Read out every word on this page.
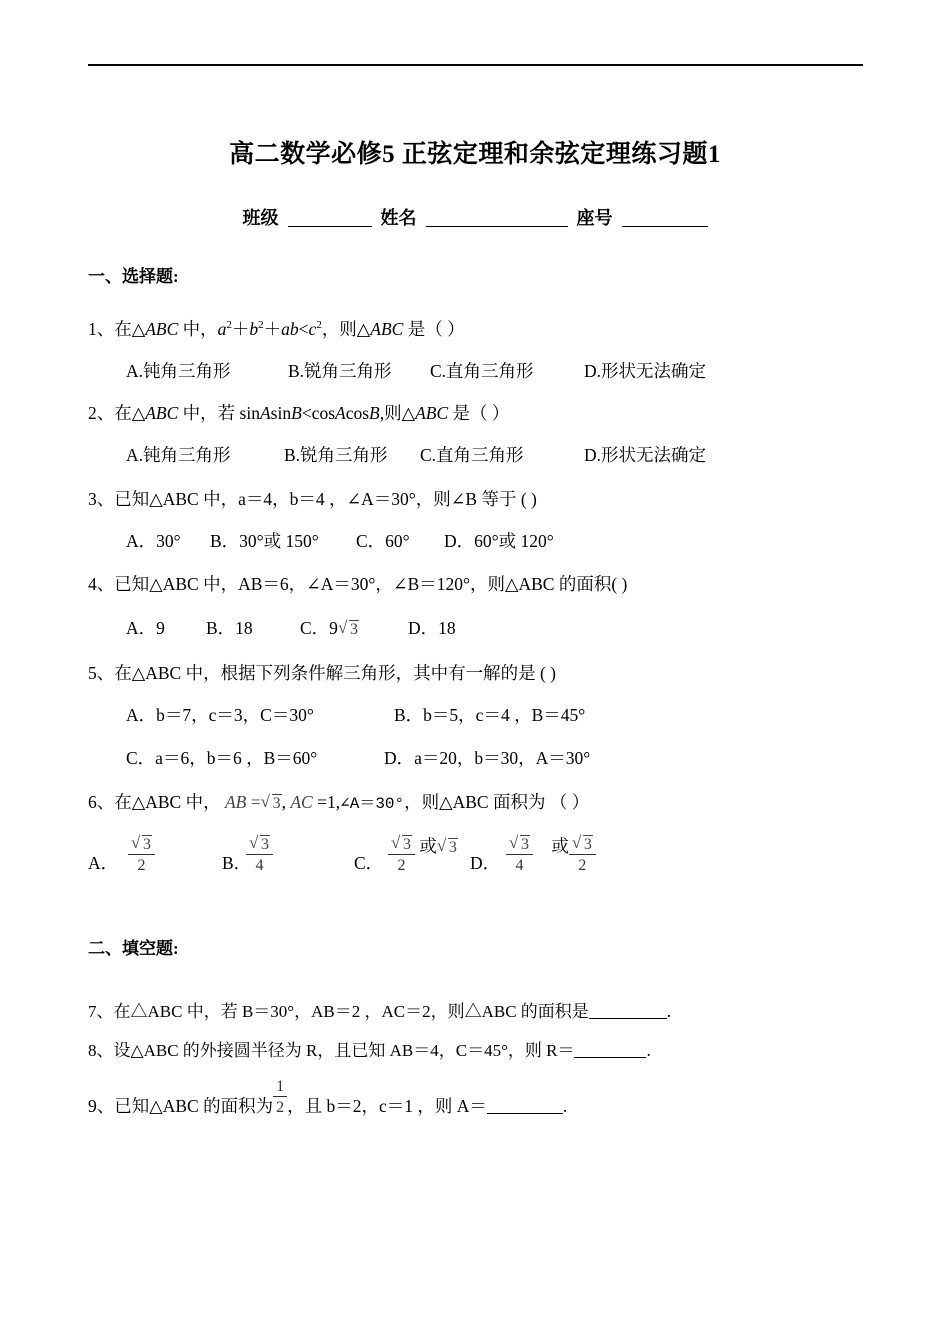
高二数学必修5 正弦定理和余弦定理练习题1
班级	姓名	座号
一、选择题:
1、在△ABC 中，$a^2+b^2+ab<c^2$，则△ABC 是（ ）
A.钝角三角形	B.锐角三角形 C.直角三角形	D.形状无法确定
2、在△ABC 中，若 sinAsinB<cosAcosB,则△ABC 是（ ）
A.钝角三角形	B.锐角三角形 C.直角三角形	D.形状无法确定
3、已知△ABC 中，a＝4，b＝4 ，∠A＝30°，则∠B 等于 ( )
A．30° B．30°或 150° C．60° D．60°或 120°
4、已知△ABC 中，AB＝6，∠A＝30°，∠B＝120°，则△ABC 的面积( )
A．9 B．18	C．9 √ 3	D．18
5、在△ABC 中，根据下列条件解三角形，其中有一解的是 ( )
A．b＝7，c＝3，C＝30°	B．b＝5，c＝4 ，B＝45°
C．a＝6，b＝6 ，B＝60°	D．a＝20，b＝30，A＝30°
6、在△ABC 中， AB = √ 3, AC =1,∠A＝30°，则△ABC 面积为 （ ）
A． $\frac{√ 3}{2}$	B．
$\frac{√ 3}{4}$	C． $\frac{√ 3}{2}$ 或 √ 3
D． $\frac{√ 3}{4}$ 或 $\frac{√ 3}{2}$
二、填空题:
7、在△ABC 中，若 B＝30°，AB＝2 ，AC＝2，则△ABC 的面积是	.
8、设△ABC 的外接圆半径为 R，且已知 AB＝4，C＝45°，则 R＝	.
9、已知△ABC 的面积为 $\frac{1}{2}$ ，且 b＝2，c＝1 ，则 A＝	.
